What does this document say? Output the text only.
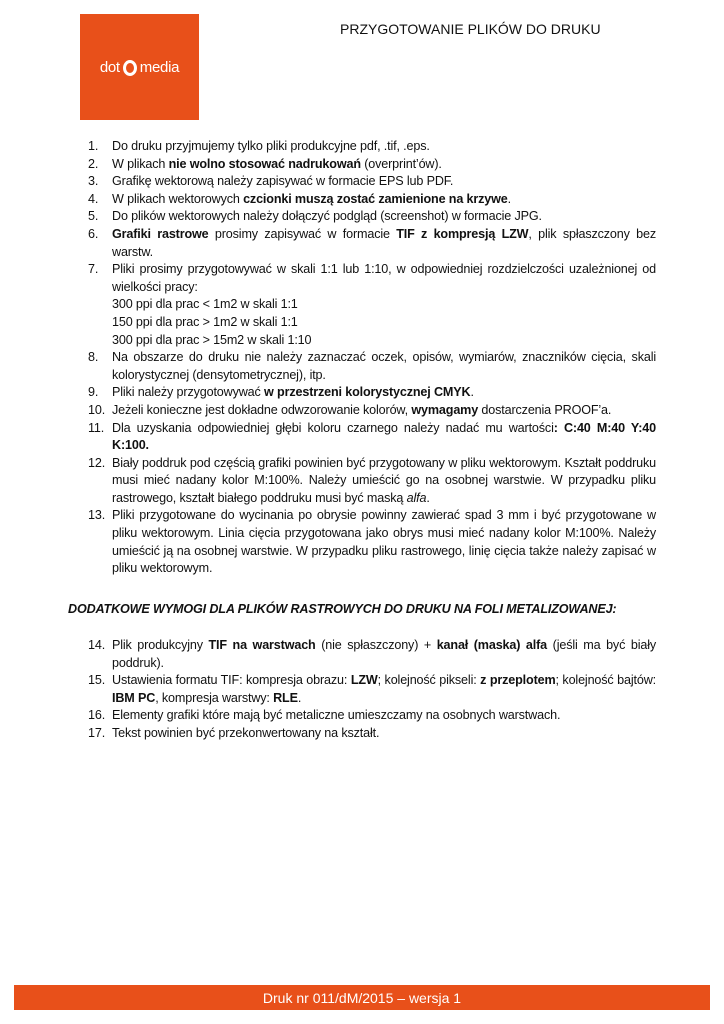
dot media
PRZYGOTOWANIE PLIKÓW DO DRUKU
1. Do druku przyjmujemy tylko pliki produkcyjne pdf, .tif, .eps.
2. W plikach nie wolno stosować nadrukowań (overprint’ów).
3. Grafikę wektorową należy zapisywać w formacie EPS lub PDF.
4. W plikach wektorowych czcionki muszą zostać zamienione na krzywe.
5. Do plików wektorowych należy dołączyć podgląd (screenshot) w formacie JPG.
6. Grafiki rastrowe prosimy zapisywać w formacie TIF z kompresją LZW, plik spłaszczony bez warstw.
7. Pliki prosimy przygotowywać w skali 1:1 lub 1:10, w odpowiedniej rozdzielczości uzależnionej od wielkości pracy:
300 ppi dla prac < 1m2 w skali 1:1
150 ppi dla prac > 1m2 w skali 1:1
300 ppi dla prac > 15m2 w skali 1:10
8. Na obszarze do druku nie należy zaznaczać oczek, opisów, wymiarów, znaczników cięcia, skali kolorystycznej (densytometrycznej), itp.
9. Pliki należy przygotowywać w przestrzeni kolorystycznej CMYK.
10. Jeżeli konieczne jest dokładne odwzorowanie kolorów, wymagamy dostarczenia PROOF’a.
11. Dla uzyskania odpowiedniej głębi koloru czarnego należy nadać mu wartości: C:40 M:40 Y:40 K:100.
12. Biały poddruk pod częścią grafiki powinien być przygotowany w pliku wektorowym. Kształt poddruku musi mieć nadany kolor M:100%. Należy umieścić go na osobnej warstwie. W przypadku pliku rastrowego, kształt białego poddruku musi być maską alfa.
13. Pliki przygotowane do wycinania po obrysie powinny zawierać spad 3 mm i być przygotowane w pliku wektorowym. Linia cięcia przygotowana jako obrys musi mieć nadany kolor M:100%. Należy umieścić ją na osobnej warstwie. W przypadku pliku rastrowego, linię cięcia także należy zapisać w pliku wektorowym.
DODATKOWE WYMOGI DLA PLIKÓW RASTROWYCH DO DRUKU NA FOLI METALIZOWANEJ:
14. Plik produkcyjny TIF na warstwach (nie spłaszczony) + kanał (maska) alfa (jeśli ma być biały poddruk).
15. Ustawienia formatu TIF: kompresja obrazu: LZW; kolejność pikseli: z przeplotem; kolejność bajtów: IBM PC, kompresja warstwy: RLE.
16. Elementy grafiki które mają być metaliczne umieszczamy na osobnych warstwach.
17. Tekst powinien być przekonwertowany na kształt.
Druk nr 011/dM/2015 – wersja 1
